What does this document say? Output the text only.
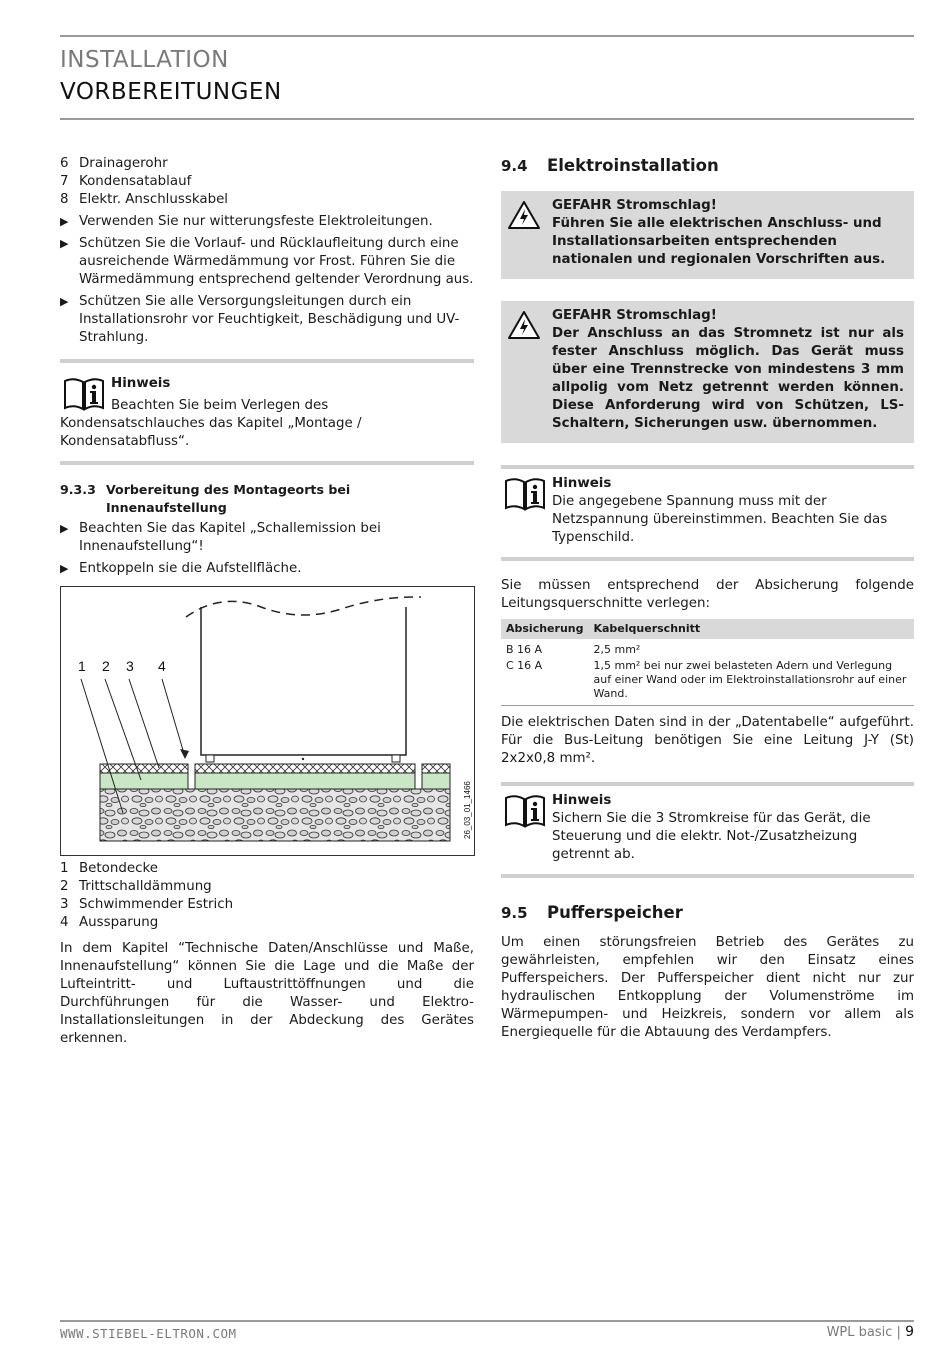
INSTALLATION
VORBEREITUNGEN
6 Drainagerohr
7 Kondensatablauf
8 Elektr. Anschlusskabel
▶ Verwenden Sie nur witterungsfeste Elektroleitungen.
▶ Schützen Sie die Vorlauf- und Rücklaufleitung durch eine ausreichende Wärmedämmung vor Frost. Führen Sie die Wärmedämmung entsprechend geltender Verordnung aus.
▶ Schützen Sie alle Versorgungsleitungen durch ein Installationsrohr vor Feuchtigkeit, Beschädigung und UV-Strahlung.
Hinweis
Beachten Sie beim Verlegen des Kondensatschlauches das Kapitel „Montage / Kondensatabfluss“.
9.3.3 Vorbereitung des Montageorts bei Innenaufstellung
▶ Beachten Sie das Kapitel „Schallemission bei Innenaufstellung“!
▶ Entkoppeln sie die Aufstellfläche.
1 2 3 4
26_03_01_1466
1 Betondecke
2 Trittschalldämmung
3 Schwimmender Estrich
4 Aussparung
In dem Kapitel “Technische Daten/Anschlüsse und Maße, Innenaufstellung“ können Sie die Lage und die Maße der Lufteintritt- und Luftaustrittöffnungen und die Durchführungen für die Wasser- und Elektro-Installationsleitungen in der Abdeckung des Gerätes erkennen.
9.4	Elektroinstallation
GEFAHR Stromschlag!
Führen Sie alle elektrischen Anschluss- und Installationsarbeiten entsprechenden nationalen und regionalen Vorschriften aus.
GEFAHR Stromschlag!
Der Anschluss an das Stromnetz ist nur als fester Anschluss möglich. Das Gerät muss über eine Trennstrecke von mindestens 3 mm allpolig vom Netz getrennt werden können. Diese Anforderung wird von Schützen, LS-Schaltern, Sicherungen usw. übernommen.
Hinweis
Die angegebene Spannung muss mit der Netzspannung übereinstimmen. Beachten Sie das Typenschild.
Sie müssen entsprechend der Absicherung folgende Leitungsquerschnitte verlegen:
Absicherung	Kabelquerschnitt
B 16 A	2,5 mm²
C 16 A	1,5 mm² bei nur zwei belasteten Adern und Verlegung auf einer Wand oder im Elektroinstallationsrohr auf einer Wand.
Die elektrischen Daten sind in der „Datentabelle“ aufgeführt. Für die Bus-Leitung benötigen Sie eine Leitung J-Y (St) 2x2x0,8 mm².
Hinweis
Sichern Sie die 3 Stromkreise für das Gerät, die Steuerung und die elektr. Not-/Zusatzheizung getrennt ab.
9.5	Pufferspeicher
Um einen störungsfreien Betrieb des Gerätes zu gewährleisten, empfehlen wir den Einsatz eines Pufferspeichers. Der Pufferspeicher dient nicht nur zur hydraulischen Entkopplung der Volumenströme im Wärmepumpen- und Heizkreis, sondern vor allem als Energiequelle für die Abtauung des Verdampfers.
WWW.STIEBEL-ELTRON.COM	WPL basic | 9
